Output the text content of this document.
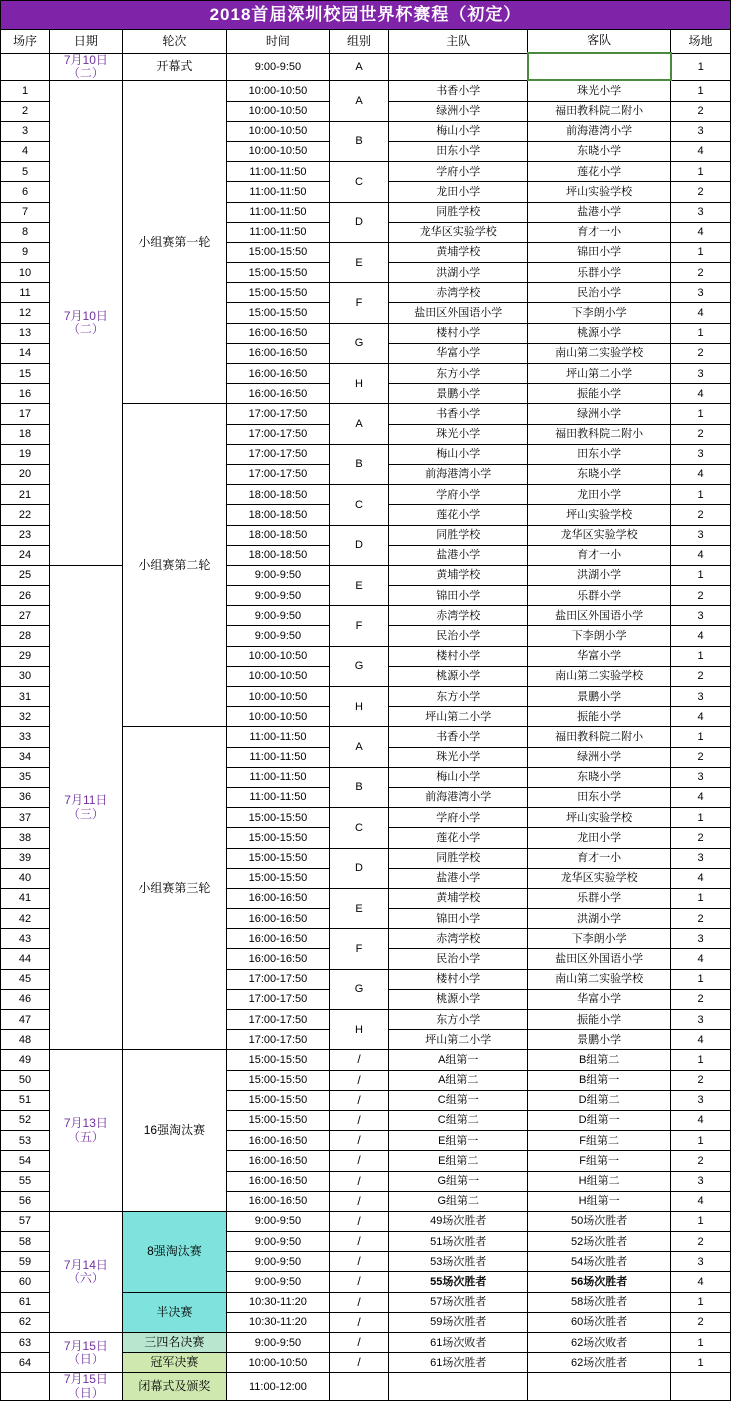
2018首届深圳校园世界杯赛程（初定）							
场序	日期	轮次	时间	组别	主队	客队	场地
	7月10日
（二）	开幕式	9:00-9:50	A			1
1	7月10日
（二）	小组赛第一轮	10:00-10:50	A	书香小学	珠光小学	1
2			10:00-10:50		绿洲小学	福田教科院二附小	2
3			10:00-10:50	B	梅山小学	前海港湾小学	3
4			10:00-10:50		田东小学	东晓小学	4
5			11:00-11:50	C	学府小学	莲花小学	1
6			11:00-11:50		龙田小学	坪山实验学校	2
7			11:00-11:50	D	同胜学校	盐港小学	3
8			11:00-11:50		龙华区实验学校	育才一小	4
9			15:00-15:50	E	黄埔学校	锦田小学	1
10			15:00-15:50		洪湖小学	乐群小学	2
11			15:00-15:50	F	赤湾学校	民治小学	3
12			15:00-15:50		盐田区外国语小学	下李朗小学	4
13			16:00-16:50	G	楼村小学	桃源小学	1
14			16:00-16:50		华富小学	南山第二实验学校	2
15			16:00-16:50	H	东方小学	坪山第二小学	3
16			16:00-16:50		景鹏小学	振能小学	4
17		小组赛第二轮	17:00-17:50	A	书香小学	绿洲小学	1
18			17:00-17:50		珠光小学	福田教科院二附小	2
19			17:00-17:50	B	梅山小学	田东小学	3
20			17:00-17:50		前海港湾小学	东晓小学	4
21			18:00-18:50	C	学府小学	龙田小学	1
22			18:00-18:50		莲花小学	坪山实验学校	2
23			18:00-18:50	D	同胜学校	龙华区实验学校	3
24			18:00-18:50		盐港小学	育才一小	4
25	7月11日
（三）		9:00-9:50	E	黄埔学校	洪湖小学	1
26			9:00-9:50		锦田小学	乐群小学	2
27			9:00-9:50	F	赤湾学校	盐田区外国语小学	3
28			9:00-9:50		民治小学	下李朗小学	4
29			10:00-10:50	G	楼村小学	华富小学	1
30			10:00-10:50		桃源小学	南山第二实验学校	2
31			10:00-10:50	H	东方小学	景鹏小学	3
32			10:00-10:50		坪山第二小学	振能小学	4
33		小组赛第三轮	11:00-11:50	A	书香小学	福田教科院二附小	1
34			11:00-11:50		珠光小学	绿洲小学	2
35			11:00-11:50	B	梅山小学	东晓小学	3
36			11:00-11:50		前海港湾小学	田东小学	4
37			15:00-15:50	C	学府小学	坪山实验学校	1
38			15:00-15:50		莲花小学	龙田小学	2
39			15:00-15:50	D	同胜学校	育才一小	3
40			15:00-15:50		盐港小学	龙华区实验学校	4
41			16:00-16:50	E	黄埔学校	乐群小学	1
42			16:00-16:50		锦田小学	洪湖小学	2
43			16:00-16:50	F	赤湾学校	下李朗小学	3
44			16:00-16:50		民治小学	盐田区外国语小学	4
45			17:00-17:50	G	楼村小学	南山第二实验学校	1
46			17:00-17:50		桃源小学	华富小学	2
47			17:00-17:50	H	东方小学	振能小学	3
48			17:00-17:50		坪山第二小学	景鹏小学	4
49	7月13日
（五）	16强淘汰赛	15:00-15:50	/	A组第一	B组第二	1
50			15:00-15:50	/	A组第二	B组第一	2
51			15:00-15:50	/	C组第一	D组第二	3
52			15:00-15:50	/	C组第二	D组第一	4
53			16:00-16:50	/	E组第一	F组第二	1
54			16:00-16:50	/	E组第二	F组第一	2
55			16:00-16:50	/	G组第一	H组第二	3
56			16:00-16:50	/	G组第二	H组第一	4
57	7月14日
（六）	8强淘汰赛	9:00-9:50	/	49场次胜者	50场次胜者	1
58			9:00-9:50	/	51场次胜者	52场次胜者	2
59			9:00-9:50	/	53场次胜者	54场次胜者	3
60			9:00-9:50	/	55场次胜者	56场次胜者	4
61		半决赛	10:30-11:20	/	57场次胜者	58场次胜者	1
62			10:30-11:20	/	59场次胜者	60场次胜者	2
63	7月15日
（日）	三四名决赛	9:00-9:50	/	61场次败者	62场次败者	1
64		冠军决赛	10:00-10:50	/	61场次胜者	62场次胜者	1
	7月15日
（日）	闭幕式及颁奖	11:00-12:00				
